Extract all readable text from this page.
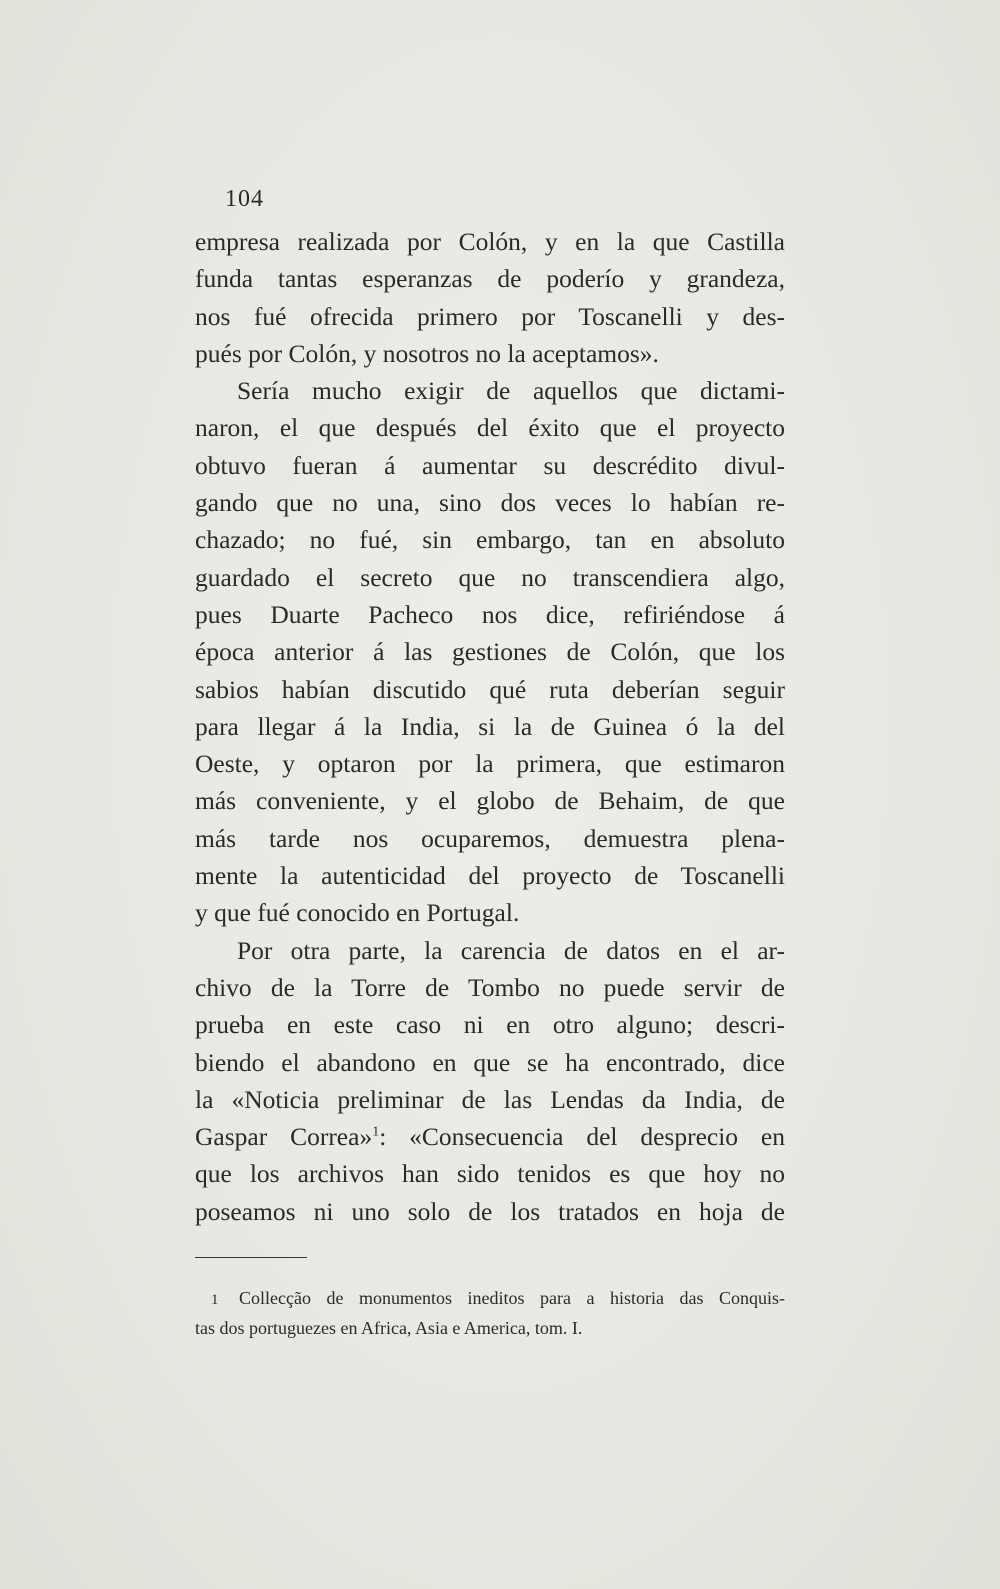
104
empresa realizada por Colón, y en la que Castilla
funda tantas esperanzas de poderío y grandeza,
nos fué ofrecida primero por Toscanelli y des-
pués por Colón, y nosotros no la aceptamos».
Sería mucho exigir de aquellos que dictami-
naron, el que después del éxito que el proyecto
obtuvo fueran á aumentar su descrédito divul-
gando que no una, sino dos veces lo habían re-
chazado; no fué, sin embargo, tan en absoluto
guardado el secreto que no transcendiera algo,
pues Duarte Pacheco nos dice, refiriéndose á
época anterior á las gestiones de Colón, que los
sabios habían discutido qué ruta deberían seguir
para llegar á la India, si la de Guinea ó la del
Oeste, y optaron por la primera, que estimaron
más conveniente, y el globo de Behaim, de que
más tarde nos ocuparemos, demuestra plena-
mente la autenticidad del proyecto de Toscanelli
y que fué conocido en Portugal.
Por otra parte, la carencia de datos en el ar-
chivo de la Torre de Tombo no puede servir de
prueba en este caso ni en otro alguno; descri-
biendo el abandono en que se ha encontrado, dice
la «Noticia preliminar de las Lendas da India, de
Gaspar Correa»$^1$: «Consecuencia del desprecio en
que los archivos han sido tenidos es que hoy no
poseamos ni uno solo de los tratados en hoja de
1 Collecção de monumentos ineditos para a historia das Conquis-
tas dos portuguezes en Africa, Asia e America, tom. I.
